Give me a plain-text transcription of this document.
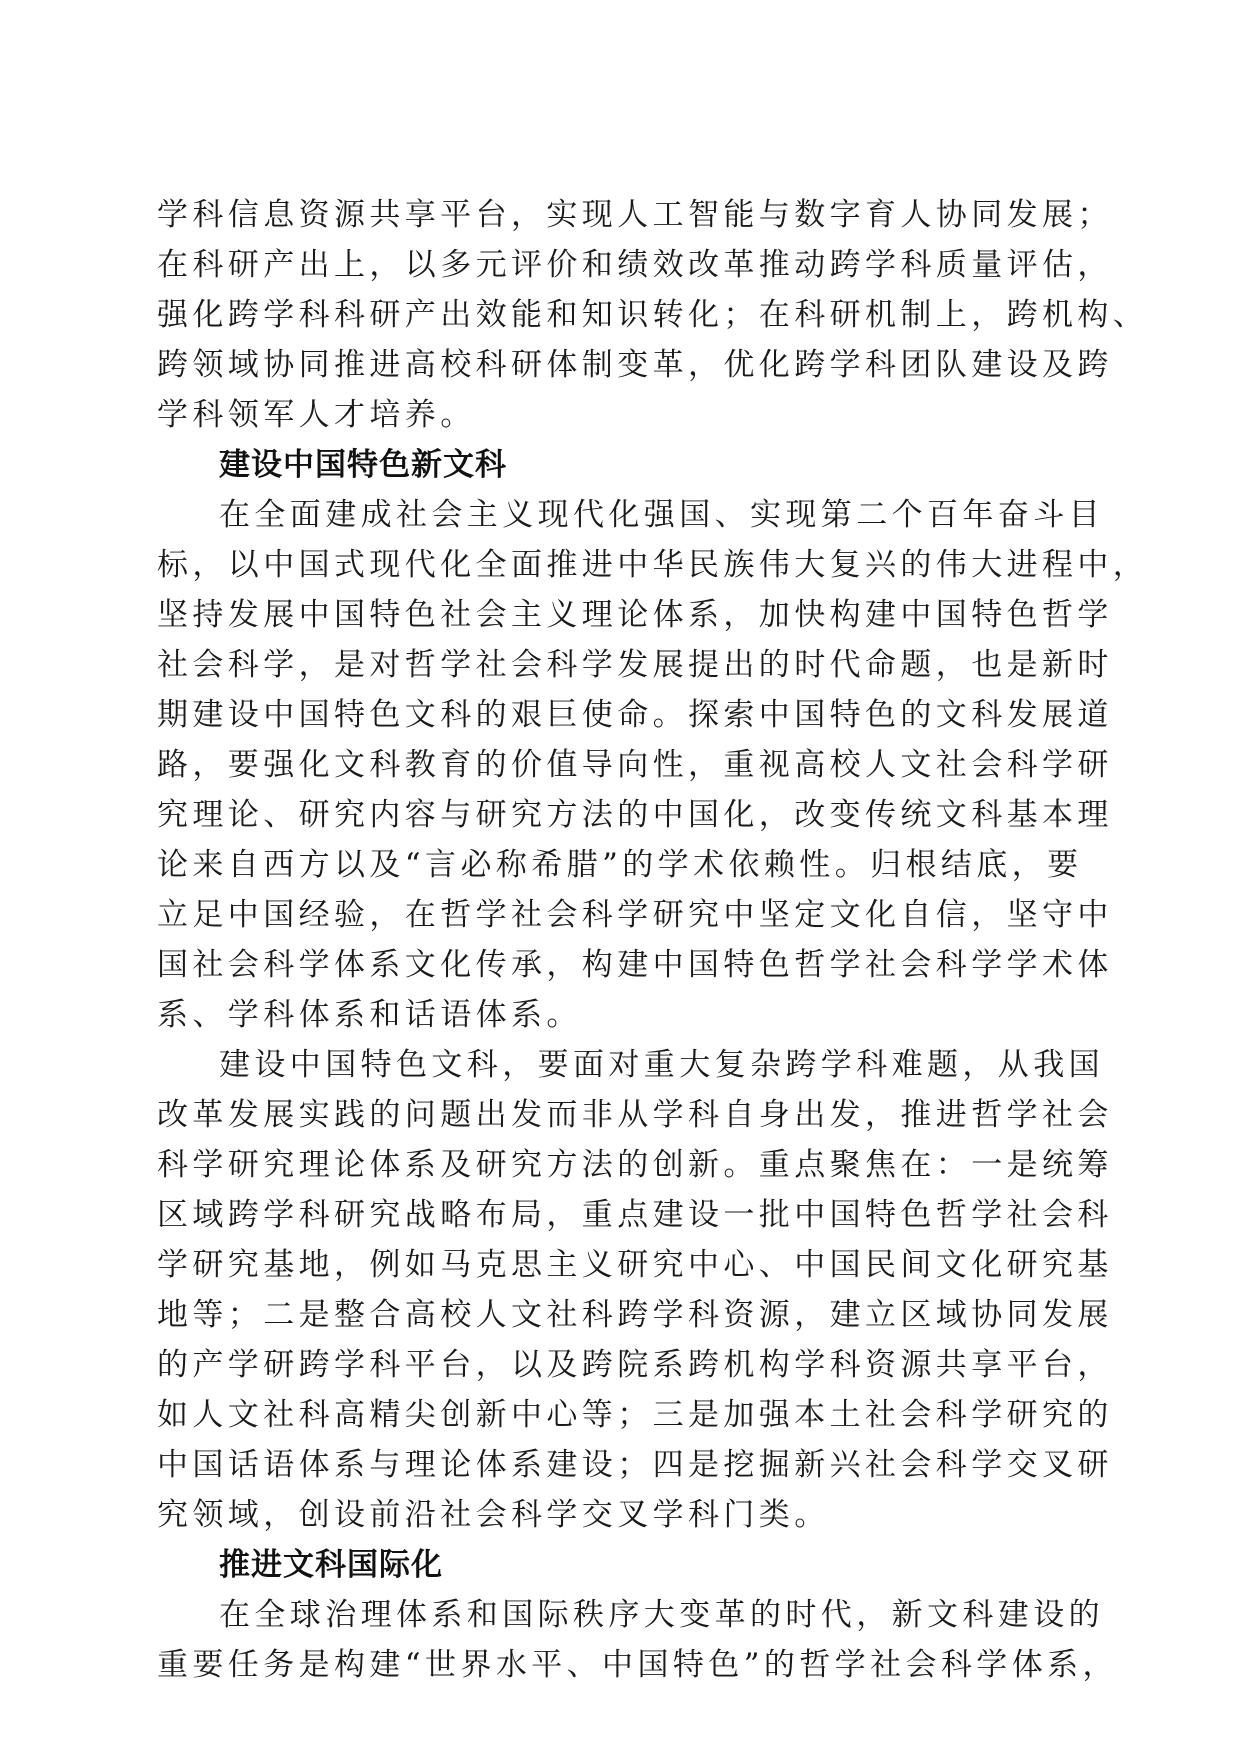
学科信息资源共享平台，实现人工智能与数字育人协同发展；
在科研产出上，以多元评价和绩效改革推动跨学科质量评估，
强化跨学科科研产出效能和知识转化；在科研机制上，跨机构、
跨领域协同推进高校科研体制变革，优化跨学科团队建设及跨
学科领军人才培养。
建设中国特色新文科
在全面建成社会主义现代化强国、实现第二个百年奋斗目
标，以中国式现代化全面推进中华民族伟大复兴的伟大进程中，
坚持发展中国特色社会主义理论体系，加快构建中国特色哲学
社会科学，是对哲学社会科学发展提出的时代命题，也是新时
期建设中国特色文科的艰巨使命。探索中国特色的文科发展道
路，要强化文科教育的价值导向性，重视高校人文社会科学研
究理论、研究内容与研究方法的中国化，改变传统文科基本理
论来自西方以及“言必称希腊”的学术依赖性。归根结底，要
立足中国经验，在哲学社会科学研究中坚定文化自信，坚守中
国社会科学体系文化传承，构建中国特色哲学社会科学学术体
系、学科体系和话语体系。
建设中国特色文科，要面对重大复杂跨学科难题，从我国
改革发展实践的问题出发而非从学科自身出发，推进哲学社会
科学研究理论体系及研究方法的创新。重点聚焦在：一是统筹
区域跨学科研究战略布局，重点建设一批中国特色哲学社会科
学研究基地，例如马克思主义研究中心、中国民间文化研究基
地等；二是整合高校人文社科跨学科资源，建立区域协同发展
的产学研跨学科平台，以及跨院系跨机构学科资源共享平台，
如人文社科高精尖创新中心等；三是加强本土社会科学研究的
中国话语体系与理论体系建设；四是挖掘新兴社会科学交叉研
究领域，创设前沿社会科学交叉学科门类。
推进文科国际化
在全球治理体系和国际秩序大变革的时代，新文科建设的
重要任务是构建“世界水平、中国特色”的哲学社会科学体系，
